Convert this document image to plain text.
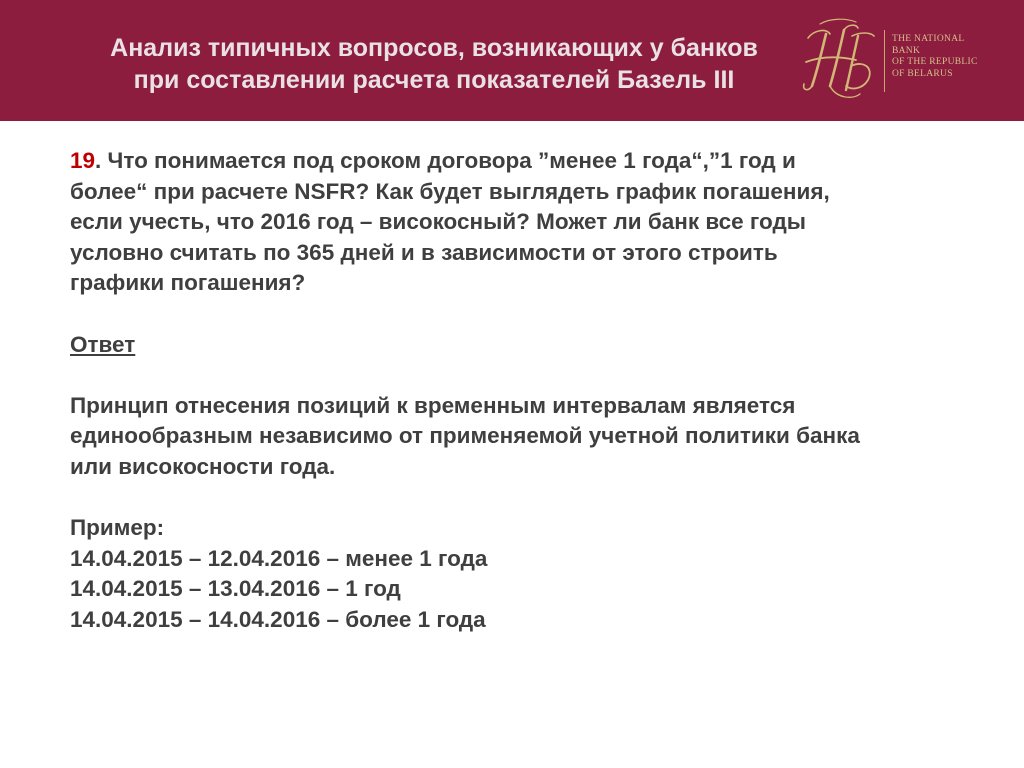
Анализ типичных вопросов, возникающих у банков
при составлении расчета показателей Базель III
THE NATIONAL
BANK
OF THE REPUBLIC
OF BELARUS
19. Что понимается под сроком договора ”менее 1 года“,”1 год и
более“ при расчете NSFR? Как будет выглядеть график погашения,
если учесть, что 2016 год – високосный? Может ли банк все годы
условно считать по 365 дней и в зависимости от этого строить
графики погашения?
Ответ
Принцип отнесения позиций к временным интервалам является
единообразным независимо от применяемой учетной политики банка
или високосности года.
Пример:
14.04.2015 – 12.04.2016 – менее 1 года
14.04.2015 – 13.04.2016 – 1 год
14.04.2015 – 14.04.2016 – более 1 года
